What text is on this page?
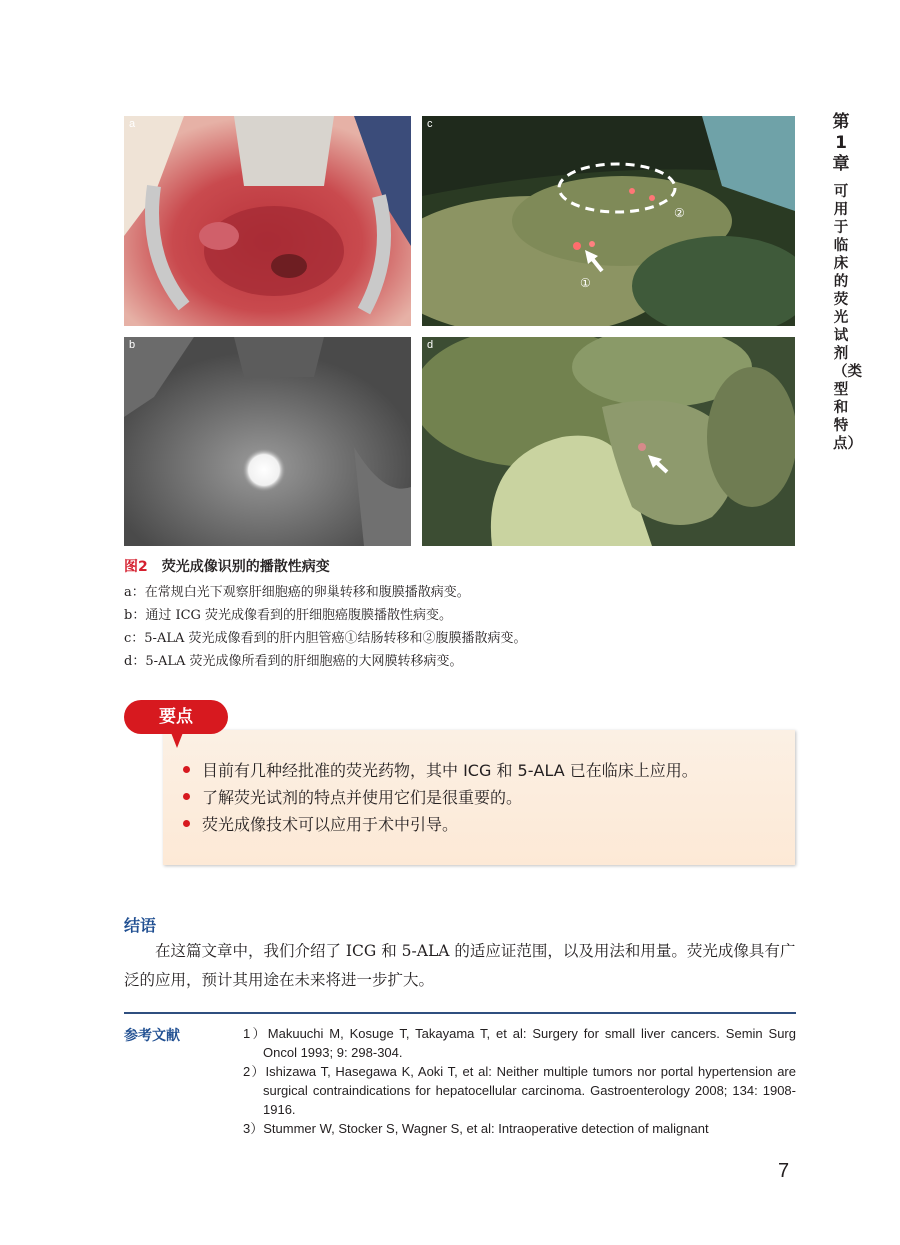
a
①
②
c
b	d
第1章
可用于临床的荧光试剂（类型和特点）
图2 荧光成像识别的播散性病变
a：在常规白光下观察肝细胞癌的卵巢转移和腹膜播散病变。
b：通过 ICG 荧光成像看到的肝细胞癌腹膜播散性病变。
c：5-ALA 荧光成像看到的肝内胆管癌①结肠转移和②腹膜播散病变。
d：5-ALA 荧光成像所看到的肝细胞癌的大网膜转移病变。
要点
目前有几种经批准的荧光药物，其中 ICG 和 5-ALA 已在临床上应用。
了解荧光试剂的特点并使用它们是很重要的。
荧光成像技术可以应用于术中引导。
结语
在这篇文章中，我们介绍了 ICG 和 5-ALA 的适应证范围，以及用法和用量。荧光成像具有广泛的应用，预计其用途在未来将进一步扩大。
参考文献	1）Makuuchi M, Kosuge T, Takayama T, et al: Surgery for small liver cancers. Semin Surg Oncol 1993; 9: 298-304.
2）Ishizawa T, Hasegawa K, Aoki T, et al: Neither multiple tumors nor portal hypertension are surgical contraindications for hepatocellular carcinoma. Gastroenterology 2008; 134: 1908-1916.
3）Stummer W, Stocker S, Wagner S, et al: Intraoperative detection of malignant
7
